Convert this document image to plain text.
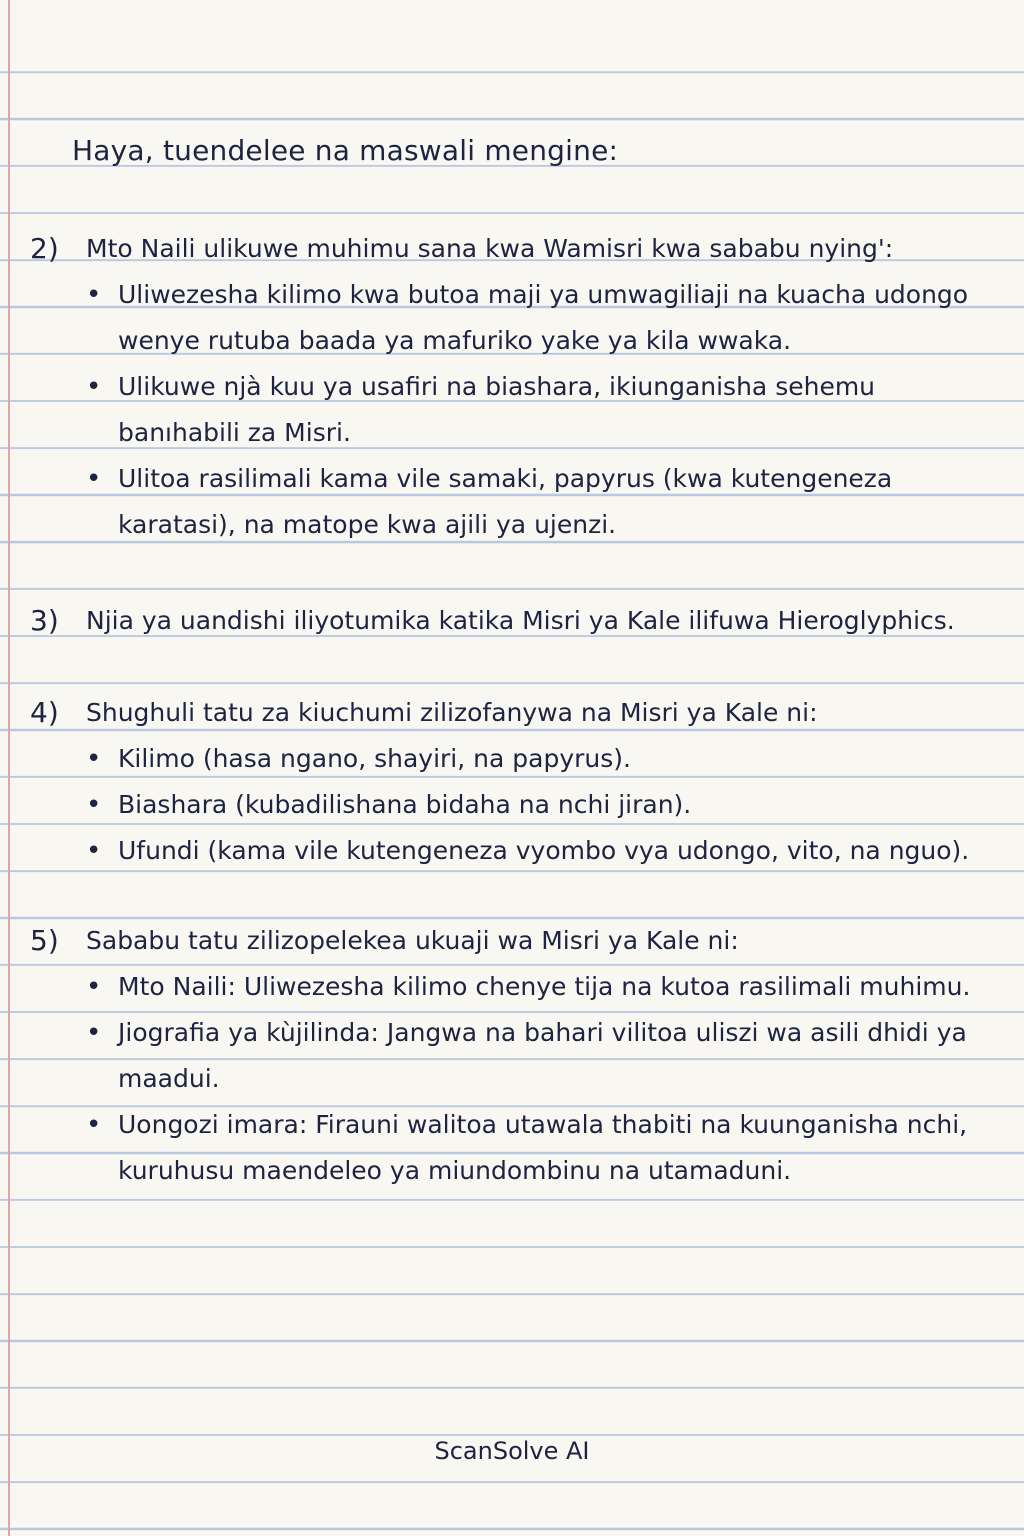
Haya, tuendelee na maswali mengine:
2)	Mto Naili ulikuwe muhimu sana kwa Wamisri kwa sababu nying':
• Uliwezesha kilimo kwa butoa maji ya umwagiliaji na kuacha udongo
wenye rutuba baada ya mafuriko yake ya kila wwaka.
• Ulikuwe njà kuu ya usafiri na biashara, ikiunganisha sehemu
banıhabili za Misri.
• Ulitoa rasilimali kama vile samaki, papyrus (kwa kutengeneza
karatasi), na matope kwa ajili ya ujenzi.
3)	Njia ya uandishi iliyotumika katika Misri ya Kale ilifuwa Hieroglyphics.
4)	Shughuli tatu za kiuchumi zilizofanywa na Misri ya Kale ni:
• Kilimo (hasa ngano, shayiri, na papyrus).
• Biashara (kubadilishana bidaha na nchi jiran).
• Ufundi (kama vile kutengeneza vyombo vya udongo, vito, na nguo).
5)	Sababu tatu zilizopelekea ukuaji wa Misri ya Kale ni:
• Mto Naili: Uliwezesha kilimo chenye tija na kutoa rasilimali muhimu.
• Jiografia ya kùjilinda: Jangwa na bahari vilitoa uliszi wa asili dhidi ya maadui.
• Uongozi imara: Firauni walitoa utawala thabiti na kuunganisha nchi,
kuruhusu maendeleo ya miundombinu na utamaduni.
ScanSolve AI
